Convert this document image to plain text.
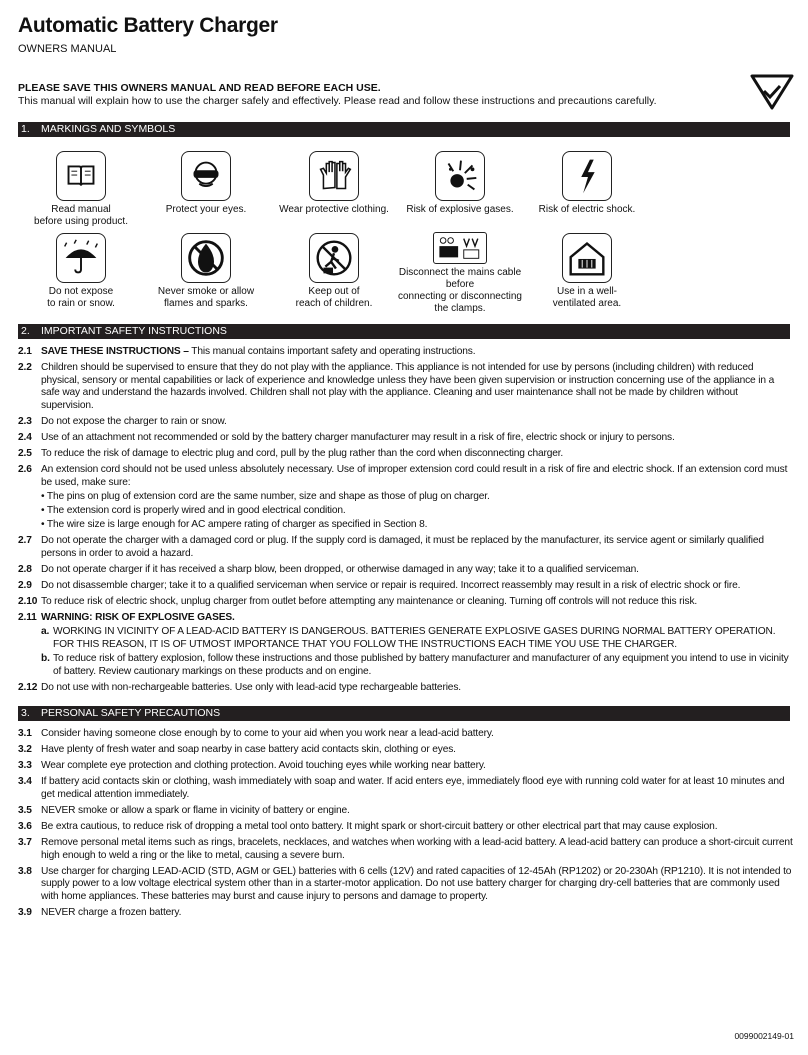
Automatic Battery Charger
OWNERS MANUAL
PLEASE SAVE THIS OWNERS MANUAL AND READ BEFORE EACH USE.
This manual will explain how to use the charger safely and effectively. Please read and follow these instructions and precautions carefully.
1. MARKINGS AND SYMBOLS
Read manual
before using product.
Protect your eyes.	Wear protective clothing.	Risk of explosive gases.	Risk of electric shock.
Do not expose
to rain or snow.
Never smoke or allow
flames and sparks.
Keep out of
reach of children.
Disconnect the mains cable before
connecting or disconnecting
the clamps.
Use in a well-
ventilated area.
2. IMPORTANT SAFETY INSTRUCTIONS
2.1 SAVE THESE INSTRUCTIONS – This manual contains important safety and operating instructions.
2.2 Children should be supervised to ensure that they do not play with the appliance. This appliance is not intended for use by persons (including children) with reduced physical, sensory or mental capabilities or lack of experience and knowledge unless they have been given supervision or instruction concerning use of the appliance in a safe way and understand the hazards involved. Children shall not play with the appliance. Cleaning and user maintenance shall not be made by children without supervision.
2.3 Do not expose the charger to rain or snow.
2.4 Use of an attachment not recommended or sold by the battery charger manufacturer may result in a risk of fire, electric shock or injury to persons.
2.5 To reduce the risk of damage to electric plug and cord, pull by the plug rather than the cord when disconnecting charger.
2.6 An extension cord should not be used unless absolutely necessary. Use of improper extension cord could result in a risk of fire and electric shock. If an extension cord must be used, make sure:
• The pins on plug of extension cord are the same number, size and shape as those of plug on charger.
• The extension cord is properly wired and in good electrical condition.
• The wire size is large enough for AC ampere rating of charger as specified in Section 8.
2.7 Do not operate the charger with a damaged cord or plug. If the supply cord is damaged, it must be replaced by the manufacturer, its service agent or similarly qualified persons in order to avoid a hazard.
2.8 Do not operate charger if it has received a sharp blow, been dropped, or otherwise damaged in any way; take it to a qualified serviceman.
2.9 Do not disassemble charger; take it to a qualified serviceman when service or repair is required. Incorrect reassembly may result in a risk of electric shock or fire.
2.10 To reduce risk of electric shock, unplug charger from outlet before attempting any maintenance or cleaning. Turning off controls will not reduce this risk.
2.11 WARNING: RISK OF EXPLOSIVE GASES.
a. WORKING IN VICINITY OF A LEAD-ACID BATTERY IS DANGEROUS. BATTERIES GENERATE EXPLOSIVE GASES DURING NORMAL BATTERY OPERATION. FOR THIS REASON, IT IS OF UTMOST IMPORTANCE THAT YOU FOLLOW THE INSTRUCTIONS EACH TIME YOU USE THE CHARGER.
b. To reduce risk of battery explosion, follow these instructions and those published by battery manufacturer and manufacturer of any equipment you intend to use in vicinity of battery. Review cautionary markings on these products and on engine.
2.12 Do not use with non-rechargeable batteries. Use only with lead-acid type rechargeable batteries.
3. PERSONAL SAFETY PRECAUTIONS
3.1 Consider having someone close enough by to come to your aid when you work near a lead-acid battery.
3.2 Have plenty of fresh water and soap nearby in case battery acid contacts skin, clothing or eyes.
3.3 Wear complete eye protection and clothing protection. Avoid touching eyes while working near battery.
3.4 If battery acid contacts skin or clothing, wash immediately with soap and water. If acid enters eye, immediately flood eye with running cold water for at least 10 minutes and get medical attention immediately.
3.5 NEVER smoke or allow a spark or flame in vicinity of battery or engine.
3.6 Be extra cautious, to reduce risk of dropping a metal tool onto battery. It might spark or short-circuit battery or other electrical part that may cause explosion.
3.7 Remove personal metal items such as rings, bracelets, necklaces, and watches when working with a lead-acid battery. A lead-acid battery can produce a short-circuit current high enough to weld a ring or the like to metal, causing a severe burn.
3.8 Use charger for charging LEAD-ACID (STD, AGM or GEL) batteries with 6 cells (12V) and rated capacities of 12-45Ah (RP1202) or 20-230Ah (RP1210). It is not intended to supply power to a low voltage electrical system other than in a starter-motor application. Do not use battery charger for charging dry-cell batteries that are commonly used with home appliances. These batteries may burst and cause injury to persons and damage to property.
3.9 NEVER charge a frozen battery.
0099002149-01
